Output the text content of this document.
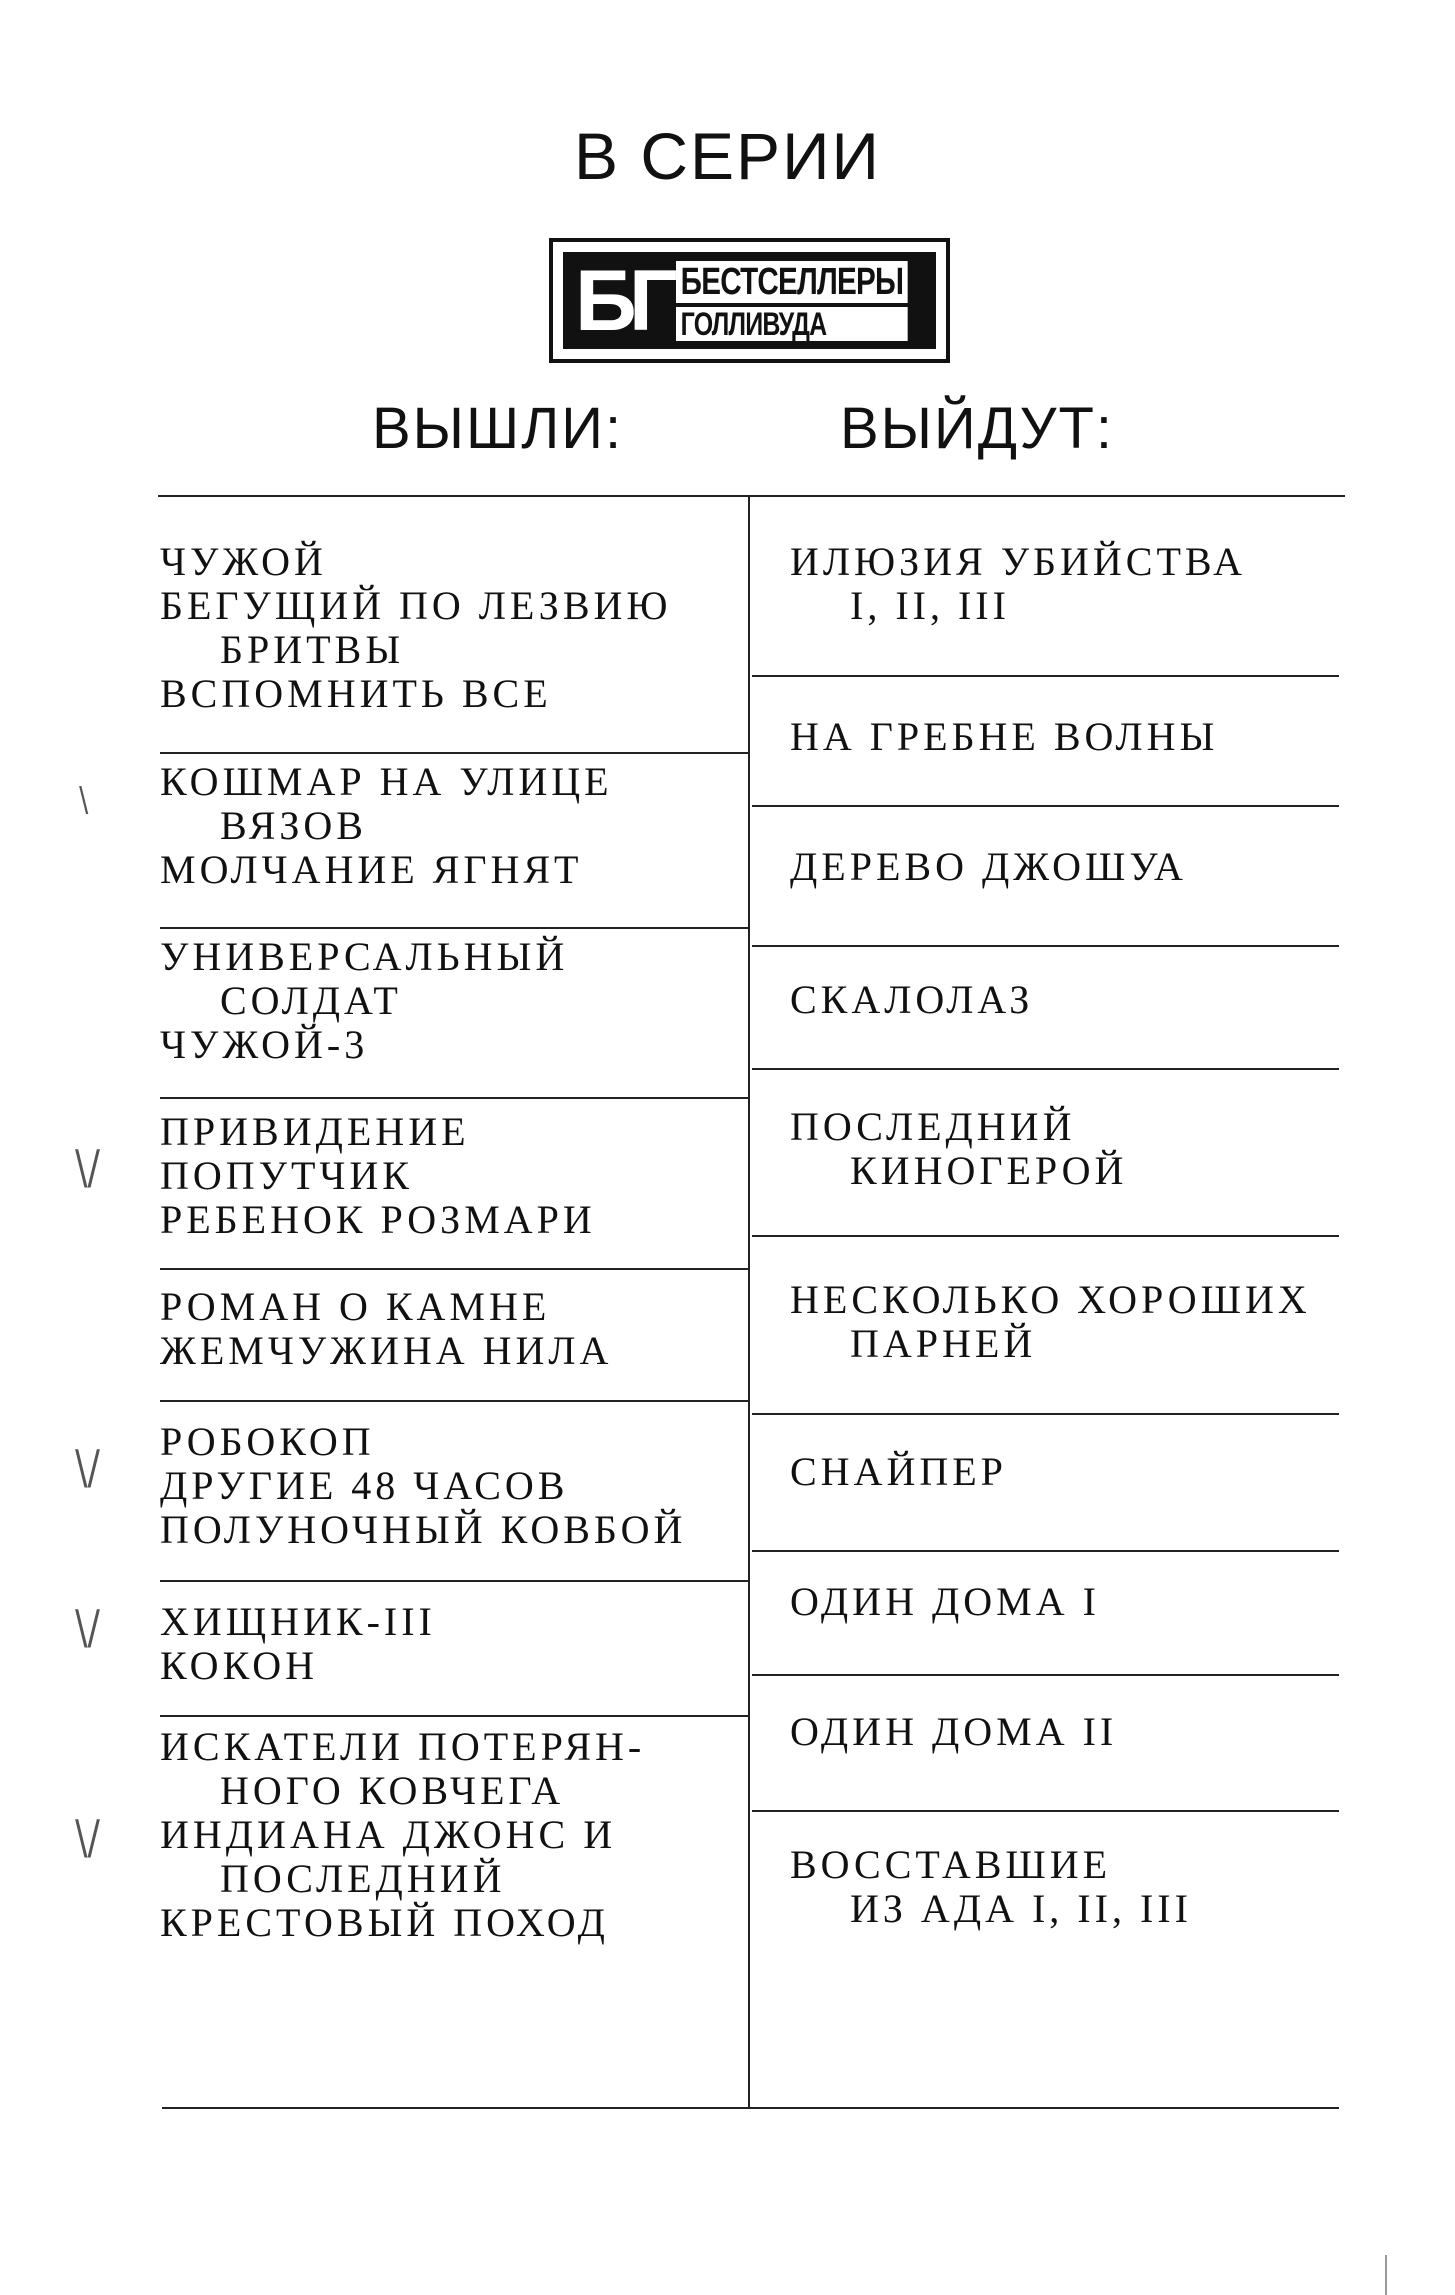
В СЕРИИ
БГ БЕСТСЕЛЛЕРЫ
ГОЛЛИВУДА
ВЫШЛИ:	ВЫЙДУТ:
ЧУЖОЙ
БЕГУЩИЙ ПО ЛЕЗВИЮ
БРИТВЫ
ВСПОМНИТЬ ВСЕ
КОШМАР НА УЛИЦЕ
ВЯЗОВ
МОЛЧАНИЕ ЯГНЯТ
УНИВЕРСАЛЬНЫЙ
СОЛДАТ
ЧУЖОЙ-3
ПРИВИДЕНИЕ
ПОПУТЧИК
РЕБЕНОК РОЗМАРИ
РОМАН О КАМНЕ
ЖЕМЧУЖИНА НИЛА
РОБОКОП
ДРУГИЕ 48 ЧАСОВ
ПОЛУНОЧНЫЙ КОВБОЙ
ХИЩНИК-III
КОКОН
ИСКАТЕЛИ ПОТЕРЯН-
НОГО КОВЧЕГА
ИНДИАНА ДЖОНС И
ПОСЛЕДНИЙ
КРЕСТОВЫЙ ПОХОД
ИЛЮЗИЯ УБИЙСТВА
I, II, III
НА ГРЕБНЕ ВОЛНЫ
ДЕРЕВО ДЖОШУА
СКАЛОЛАЗ
ПОСЛЕДНИЙ
КИНОГЕРОЙ
НЕСКОЛЬКО ХОРОШИХ
ПАРНЕЙ
СНАЙПЕР
ОДИН ДОМА I
ОДИН ДОМА II
ВОССТАВШИЕ
ИЗ АДА I, II, III
\/
\/
\/
\/
\
